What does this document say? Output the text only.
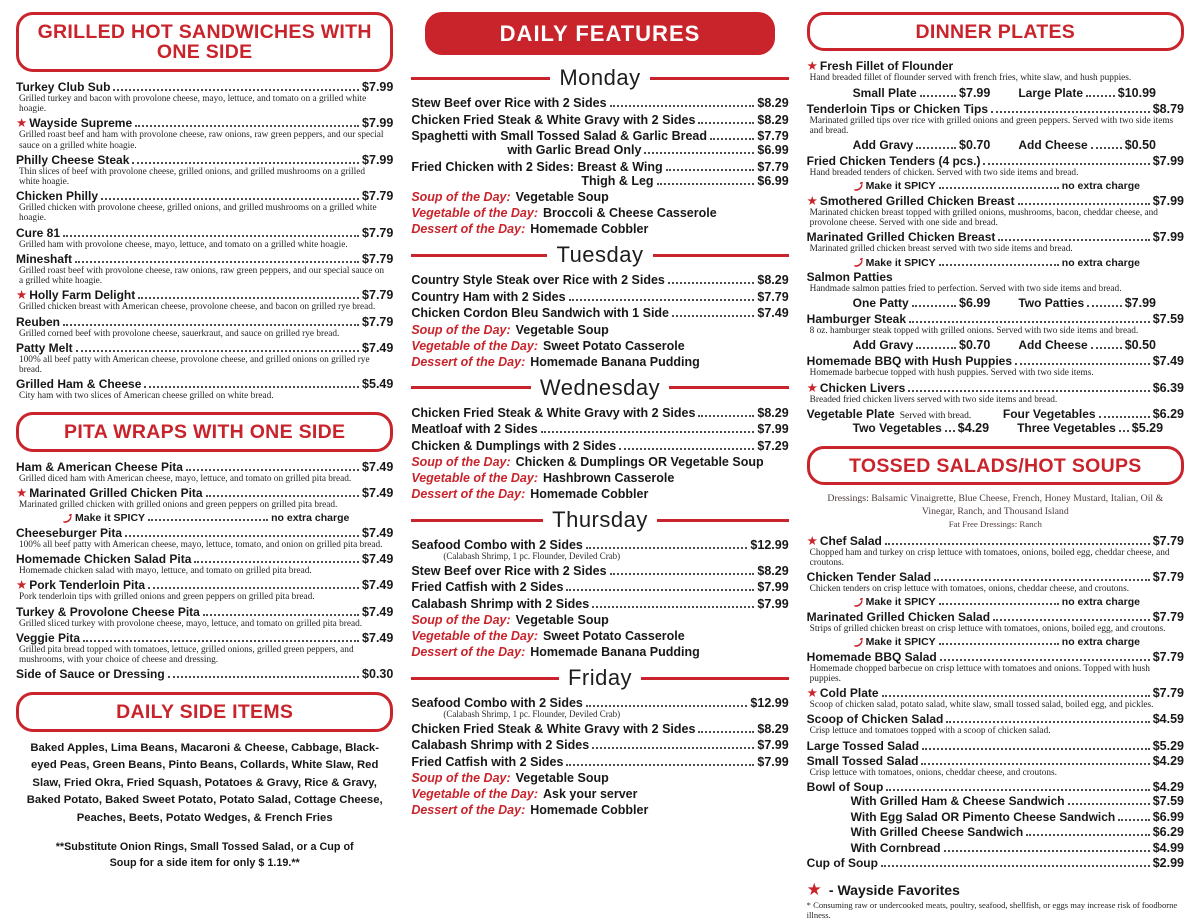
GRILLED HOT SANDWICHES WITH ONE SIDE
Turkey Club Sub	$7.99
Grilled turkey and bacon with provolone cheese, mayo, lettuce, and tomato on a grilled white hoagie.
★ Wayside Supreme	$7.99
Grilled roast beef and ham with provolone cheese, raw onions, raw green peppers, and our special sauce on a grilled white hoagie.
Philly Cheese Steak	$7.99
Thin slices of beef with provolone cheese, grilled onions, and grilled mushrooms on a grilled white hoagie.
Chicken Philly	$7.79
Grilled chicken with provolone cheese, grilled onions, and grilled mushrooms on a grilled white hoagie.
Cure 81	$7.79
Grilled ham with provolone cheese, mayo, lettuce, and tomato on a grilled white hoagie.
Mineshaft	$7.79
Grilled roast beef with provolone cheese, raw onions, raw green peppers, and our special sauce on a grilled white hoagie.
★ Holly Farm Delight	$7.79
Grilled chicken breast with American cheese, provolone cheese, and bacon on grilled rye bread.
Reuben	$7.79
Grilled corned beef with provolone cheese, sauerkraut, and sauce on grilled rye bread.
Patty Melt	$7.49
100% all beef patty with American cheese, provolone cheese, and grilled onions on grilled rye bread.
Grilled Ham & Cheese	$5.49
City ham with two slices of American cheese grilled on white bread.
PITA WRAPS WITH ONE SIDE
Ham & American Cheese Pita	$7.49
Grilled diced ham with American cheese, mayo, lettuce, and tomato on grilled pita bread.
★ Marinated Grilled Chicken Pita	$7.49
Marinated grilled chicken with grilled onions and green peppers on grilled pita bread.
Make it SPICY	no extra charge
Cheeseburger Pita	$7.49
100% all beef patty with American cheese, mayo, lettuce, tomato, and onion on grilled pita bread.
Homemade Chicken Salad Pita	$7.49
Homemade chicken salad with mayo, lettuce, and tomato on grilled pita bread.
★ Pork Tenderloin Pita	$7.49
Pork tenderloin tips with grilled onions and green peppers on grilled pita bread.
Turkey & Provolone Cheese Pita	$7.49
Grilled sliced turkey with provolone cheese, mayo, lettuce, and tomato on grilled pita bread.
Veggie Pita	$7.49
Grilled pita bread topped with tomatoes, lettuce, grilled onions, grilled green peppers, and mushrooms, with your choice of cheese and dressing.
Side of Sauce or Dressing	$0.30
DAILY SIDE ITEMS
Baked Apples, Lima Beans, Macaroni & Cheese, Cabbage, Black-eyed Peas, Green Beans, Pinto Beans, Collards, White Slaw, Red Slaw, Fried Okra, Fried Squash, Potatoes & Gravy, Rice & Gravy, Baked Potato, Baked Sweet Potato, Potato Salad, Cottage Cheese, Peaches, Beets, Potato Wedges, & French Fries
**Substitute Onion Rings, Small Tossed Salad, or a Cup of Soup for a side item for only $ 1.19.**
DAILY FEATURES
Monday
Stew Beef over Rice with 2 Sides	$8.29
Chicken Fried Steak & White Gravy with 2 Sides	$8.29
Spaghetti with Small Tossed Salad & Garlic Bread	$7.79
with Garlic Bread Only	$6.99
Fried Chicken with 2 Sides: Breast & Wing	$7.79
Thigh & Leg	$6.99
Soup of the Day: Vegetable Soup
Vegetable of the Day: Broccoli & Cheese Casserole
Dessert of the Day: Homemade Cobbler
Tuesday
Country Style Steak over Rice with 2 Sides	$8.29
Country Ham with 2 Sides	$7.79
Chicken Cordon Bleu Sandwich with 1 Side	$7.49
Soup of the Day: Vegetable Soup
Vegetable of the Day: Sweet Potato Casserole
Dessert of the Day: Homemade Banana Pudding
Wednesday
Chicken Fried Steak & White Gravy with 2 Sides	$8.29
Meatloaf with 2 Sides	$7.99
Chicken & Dumplings with 2 Sides	$7.29
Soup of the Day: Chicken & Dumplings OR Vegetable Soup
Vegetable of the Day: Hashbrown Casserole
Dessert of the Day: Homemade Cobbler
Thursday
Seafood Combo with 2 Sides	$12.99
(Calabash Shrimp, 1 pc. Flounder, Deviled Crab)
Stew Beef over Rice with 2 Sides	$8.29
Fried Catfish with 2 Sides	$7.99
Calabash Shrimp with 2 Sides	$7.99
Soup of the Day: Vegetable Soup
Vegetable of the Day: Sweet Potato Casserole
Dessert of the Day: Homemade Banana Pudding
Friday
Seafood Combo with 2 Sides	$12.99
(Calabash Shrimp, 1 pc. Flounder, Deviled Crab)
Chicken Fried Steak & White Gravy with 2 Sides	$8.29
Calabash Shrimp with 2 Sides	$7.99
Fried Catfish with 2 Sides	$7.99
Soup of the Day: Vegetable Soup
Vegetable of the Day: Ask your server
Dessert of the Day: Homemade Cobbler
DINNER PLATES
★ Fresh Fillet of Flounder
Hand breaded fillet of flounder served with french fries, white slaw, and hush puppies.
Small Plate	$7.99 Large Plate	$10.99
Tenderloin Tips or Chicken Tips	$8.79
Marinated grilled tips over rice with grilled onions and green peppers. Served with two side items and bread.
Add Gravy	$0.70 Add Cheese	$0.50
Fried Chicken Tenders (4 pcs.)	$7.99
Hand breaded tenders of chicken. Served with two side items and bread.
Make it SPICY	no extra charge
★ Smothered Grilled Chicken Breast	$7.99
Marinated chicken breast topped with grilled onions, mushrooms, bacon, cheddar cheese, and provolone cheese. Served with one side and bread.
Marinated Grilled Chicken Breast	$7.99
Marinated grilled chicken breast served with two side items and bread.
Make it SPICY	no extra charge
Salmon Patties
Handmade salmon patties fried to perfection. Served with two side items and bread.
One Patty	$6.99 Two Patties	$7.99
Hamburger Steak	$7.59
8 oz. hamburger steak topped with grilled onions. Served with two side items and bread.
Add Gravy	$0.70 Add Cheese	$0.50
Homemade BBQ with Hush Puppies	$7.49
Homemade barbecue topped with hush puppies. Served with two side items.
★ Chicken Livers	$6.39
Breaded fried chicken livers served with two side items and bread.
Vegetable Plate Served with bread.	Four Vegetables	$6.29
Two Vegetables $4.29 Three Vegetables $5.29
TOSSED SALADS/HOT SOUPS
Dressings: Balsamic Vinaigrette, Blue Cheese, French, Honey Mustard, Italian, Oil & Vinegar, Ranch, and Thousand Island
Fat Free Dressings: Ranch
★ Chef Salad	$7.79
Chopped ham and turkey on crisp lettuce with tomatoes, onions, boiled egg, cheddar cheese, and croutons.
Chicken Tender Salad	$7.79
Chicken tenders on crisp lettuce with tomatoes, onions, cheddar cheese, and croutons.
Make it SPICY	no extra charge
Marinated Grilled Chicken Salad	$7.79
Strips of grilled chicken breast on crisp lettuce with tomatoes, onions, boiled egg, and croutons.
Make it SPICY	no extra charge
Homemade BBQ Salad	$7.79
Homemade chopped barbecue on crisp lettuce with tomatoes and onions. Topped with hush puppies.
★ Cold Plate	$7.79
Scoop of chicken salad, potato salad, white slaw, small tossed salad, boiled egg, and pickles.
Scoop of Chicken Salad	$4.59
Crisp lettuce and tomatoes topped with a scoop of chicken salad.
Large Tossed Salad	$5.29
Small Tossed Salad	$4.29
Crisp lettuce with tomatoes, onions, cheddar cheese, and croutons.
Bowl of Soup	$4.29
With Grilled Ham & Cheese Sandwich	$7.59
With Egg Salad OR Pimento Cheese Sandwich	$6.99
With Grilled Cheese Sandwich	$6.29
With Cornbread	$4.99
Cup of Soup	$2.99
★ - Wayside Favorites
* Consuming raw or undercooked meats, poultry, seafood, shellfish, or eggs may increase risk of foodborne illness.
